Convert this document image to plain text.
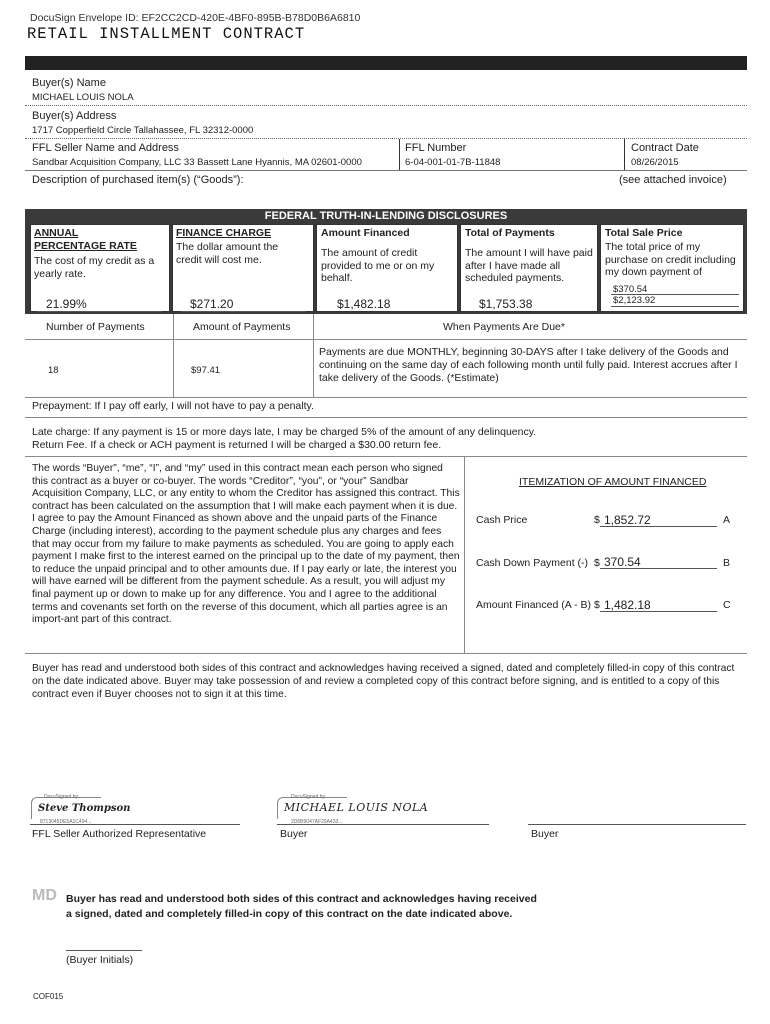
DocuSign Envelope ID: EF2CC2CD-420E-4BF0-895B-B78D0B6A6810
RETAIL INSTALLMENT CONTRACT
Buyer(s) Name
MICHAEL LOUIS NOLA
Buyer(s) Address
1717 Copperfield Circle Tallahassee, FL 32312-0000
FFL Seller Name and Address
Sandbar Acquisition Company, LLC 33 Bassett Lane Hyannis, MA 02601-0000
FFL Number
6-04-001-01-7B-11848
Contract Date
08/26/2015
Description of purchased item(s) (“Goods”):	(see attached invoice)
FEDERAL TRUTH-IN-LENDING DISCLOSURES
ANNUAL
PERCENTAGE RATE
The cost of my credit as a yearly rate.
21.99%
FINANCE CHARGE
The dollar amount the credit will cost me.
$271.20
Amount Financed
The amount of credit provided to me or on my behalf.
$1,482.18
Total of Payments
The amount I will have paid after I have made all scheduled payments.
$1,753.38
Total Sale Price
The total price of my purchase on credit including my down payment of
$370.54
$2,123.92
Number of Payments	Amount of Payments	When Payments Are Due*
18	$97.41
Payments are due MONTHLY, beginning 30-DAYS after I take delivery of the Goods and continuing on the same day of each following month until fully paid. Interest accrues after I take delivery of the Goods. (*Estimate)
Prepayment: If I pay off early, I will not have to pay a penalty.
Late charge: If any payment is 15 or more days late, I may be charged 5% of the amount of any delinquency.
Return Fee. If a check or ACH payment is returned I will be charged a $30.00 return fee.
The words “Buyer”, “me”, “I”, and “my” used in this contract mean each person who signed this contract as a buyer or co-buyer. The words “Creditor”, “you”, or “your” Sandbar Acquisition Company, LLC, or any entity to whom the Creditor has assigned this contract. This contract has been calculated on the assumption that I will make each payment when it is due. I agree to pay the Amount Financed as shown above and the unpaid parts of the Finance Charge (including interest), according to the payment schedule plus any charges and fees that may occur from my failure to make payments as scheduled. You are going to apply each payment I make first to the interest earned on the principal up to the date of my payment, then to reduce the unpaid principal and to other amounts due. If I pay early or late, the interest you will have earned will be different from the payment schedule. As a result, you will adjust my final payment up or down to make up for any difference. You and I agree to the additional terms and covenants set forth on the reverse of this document, which all parties agree is an import-ant part of this contract.
ITEMIZATION OF AMOUNT FINANCED
Cash Price	$ 1,852.72	A
Cash Down Payment (-) $ 370.54	B
Amount Financed (A - B) $ 1,482.18	C
Buyer has read and understood both sides of this contract and acknowledges having received a signed, dated and completely filled-in copy of this contract on the date indicated above. Buyer may take possession of and review a completed copy of this contract before signing, and is entitled to a copy of this contract even if Buyer chooses not to sign it at this time.
DocuSigned by:
Steve Thompson
8713045DE5A1C494...
FFL Seller Authorized Representative
DocuSigned by:
MICHAEL LOUIS NOLA
2D6B9047AF29A433...
Buyer	Buyer
MD Buyer has read and understood both sides of this contract and acknowledges having received
a signed, dated and completely filled-in copy of this contract on the date indicated above.
(Buyer Initials)
COF015
